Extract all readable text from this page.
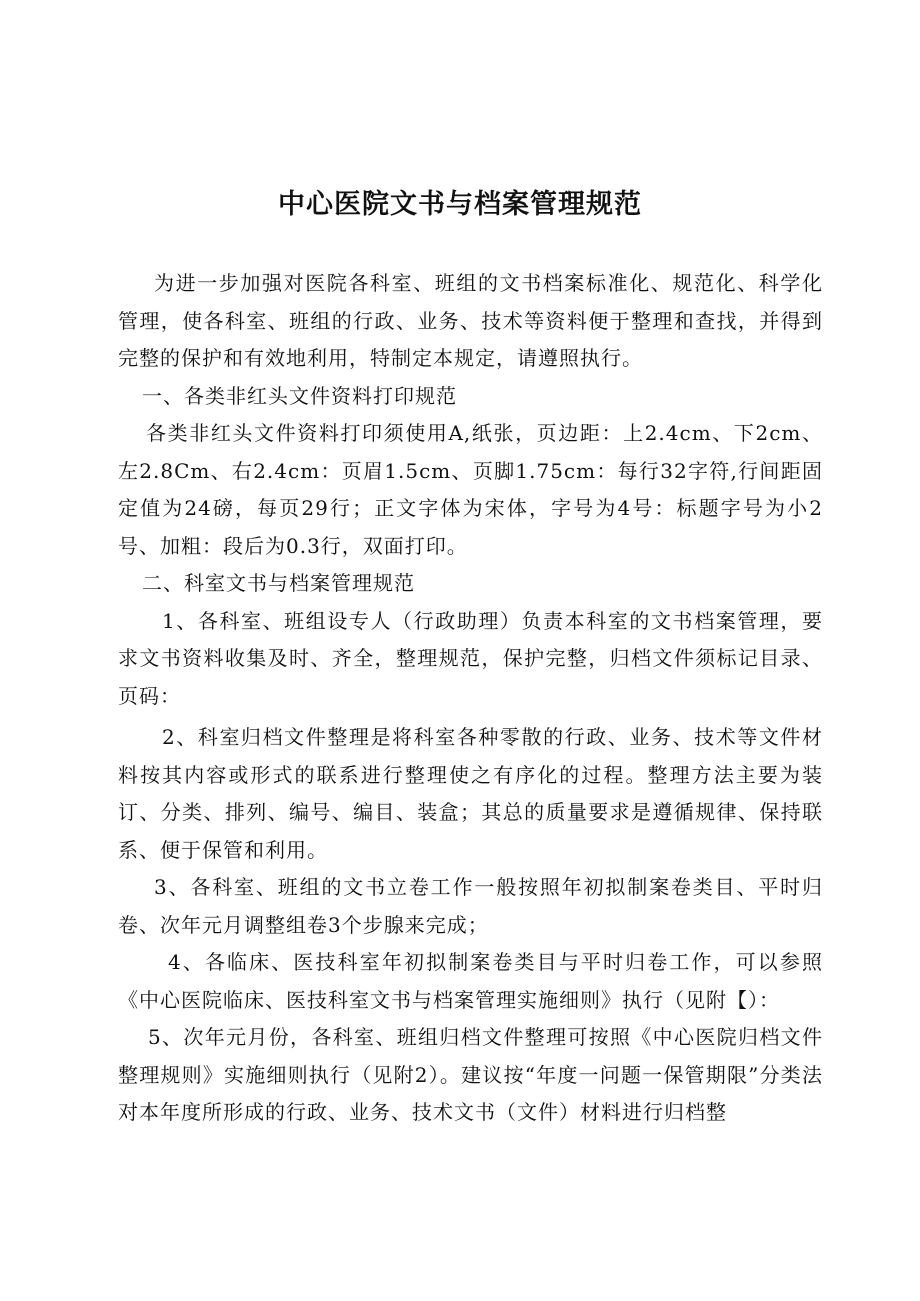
中心医院文书与档案管理规范

为进一步加强对医院各科室、班组的文书档案标准化、规范化、科学化管理，使各科室、班组的行政、业务、技术等资料便于整理和查找，并得到完整的保护和有效地利用，特制定本规定，请遵照执行。

一、各类非红头文件资料打印规范

各类非红头文件资料打印须使用A,纸张，页边距：上2.4cm、下2cm、左2.8Cm、右2.4cm：页眉1.5cm、页脚1.75cm：每行32字符,行间距固定值为24磅，每页29行；正文字体为宋体，字号为4号：标题字号为小2号、加粗：段后为0.3行，双面打印。

二、科室文书与档案管理规范

1、各科室、班组设专人（行政助理）负责本科室的文书档案管理，要求文书资料收集及时、齐全，整理规范，保护完整，归档文件须标记目录、页码：

2、科室归档文件整理是将科室各种零散的行政、业务、技术等文件材料按其内容或形式的联系进行整理使之有序化的过程。整理方法主要为装订、分类、排列、编号、编目、装盒；其总的质量要求是遵循规律、保持联系、便于保管和利用。

3、各科室、班组的文书立卷工作一般按照年初拟制案卷类目、平时归卷、次年元月调整组卷3个步腺来完成；

4、各临床、医技科室年初拟制案卷类目与平时归卷工作，可以参照《中心医院临床、医技科室文书与档案管理实施细则》执行（见附【）：

5、次年元月份，各科室、班组归档文件整理可按照《中心医院归档文件整理规则》实施细则执行（见附2）。建议按“年度一问题一保管期限”分类法对本年度所形成的行政、业务、技术文书（文件）材料进行归档整
